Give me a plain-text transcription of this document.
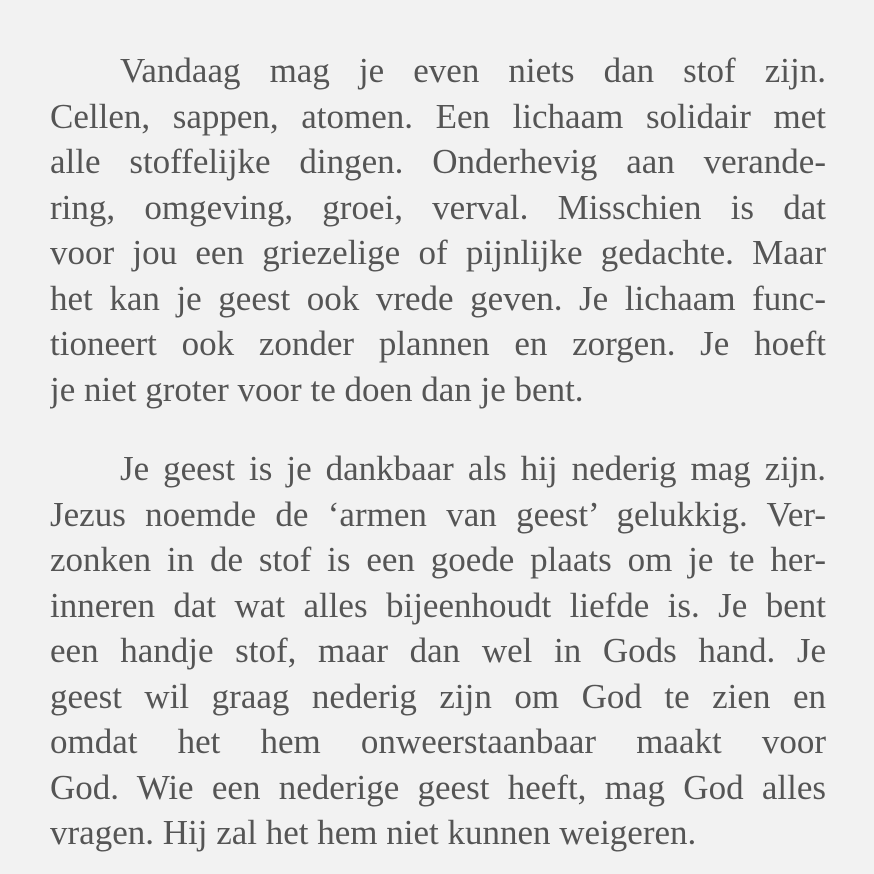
Vandaag mag je even niets dan stof zijn.
Cellen, sappen, atomen. Een lichaam solidair met
alle stoffelijke dingen. Onderhevig aan verande-
ring, omgeving, groei, verval. Misschien is dat
voor jou een griezelige of pijnlijke gedachte. Maar
het kan je geest ook vrede geven. Je lichaam func-
tioneert ook zonder plannen en zorgen. Je hoeft
je niet groter voor te doen dan je bent.
Je geest is je dankbaar als hij nederig mag zijn.
Jezus noemde de ‘armen van geest’ gelukkig. Ver-
zonken in de stof is een goede plaats om je te her-
inneren dat wat alles bijeenhoudt liefde is. Je bent
een handje stof, maar dan wel in Gods hand. Je
geest wil graag nederig zijn om God te zien en
omdat het hem onweerstaanbaar maakt voor
God. Wie een nederige geest heeft, mag God alles
vragen. Hij zal het hem niet kunnen weigeren.
